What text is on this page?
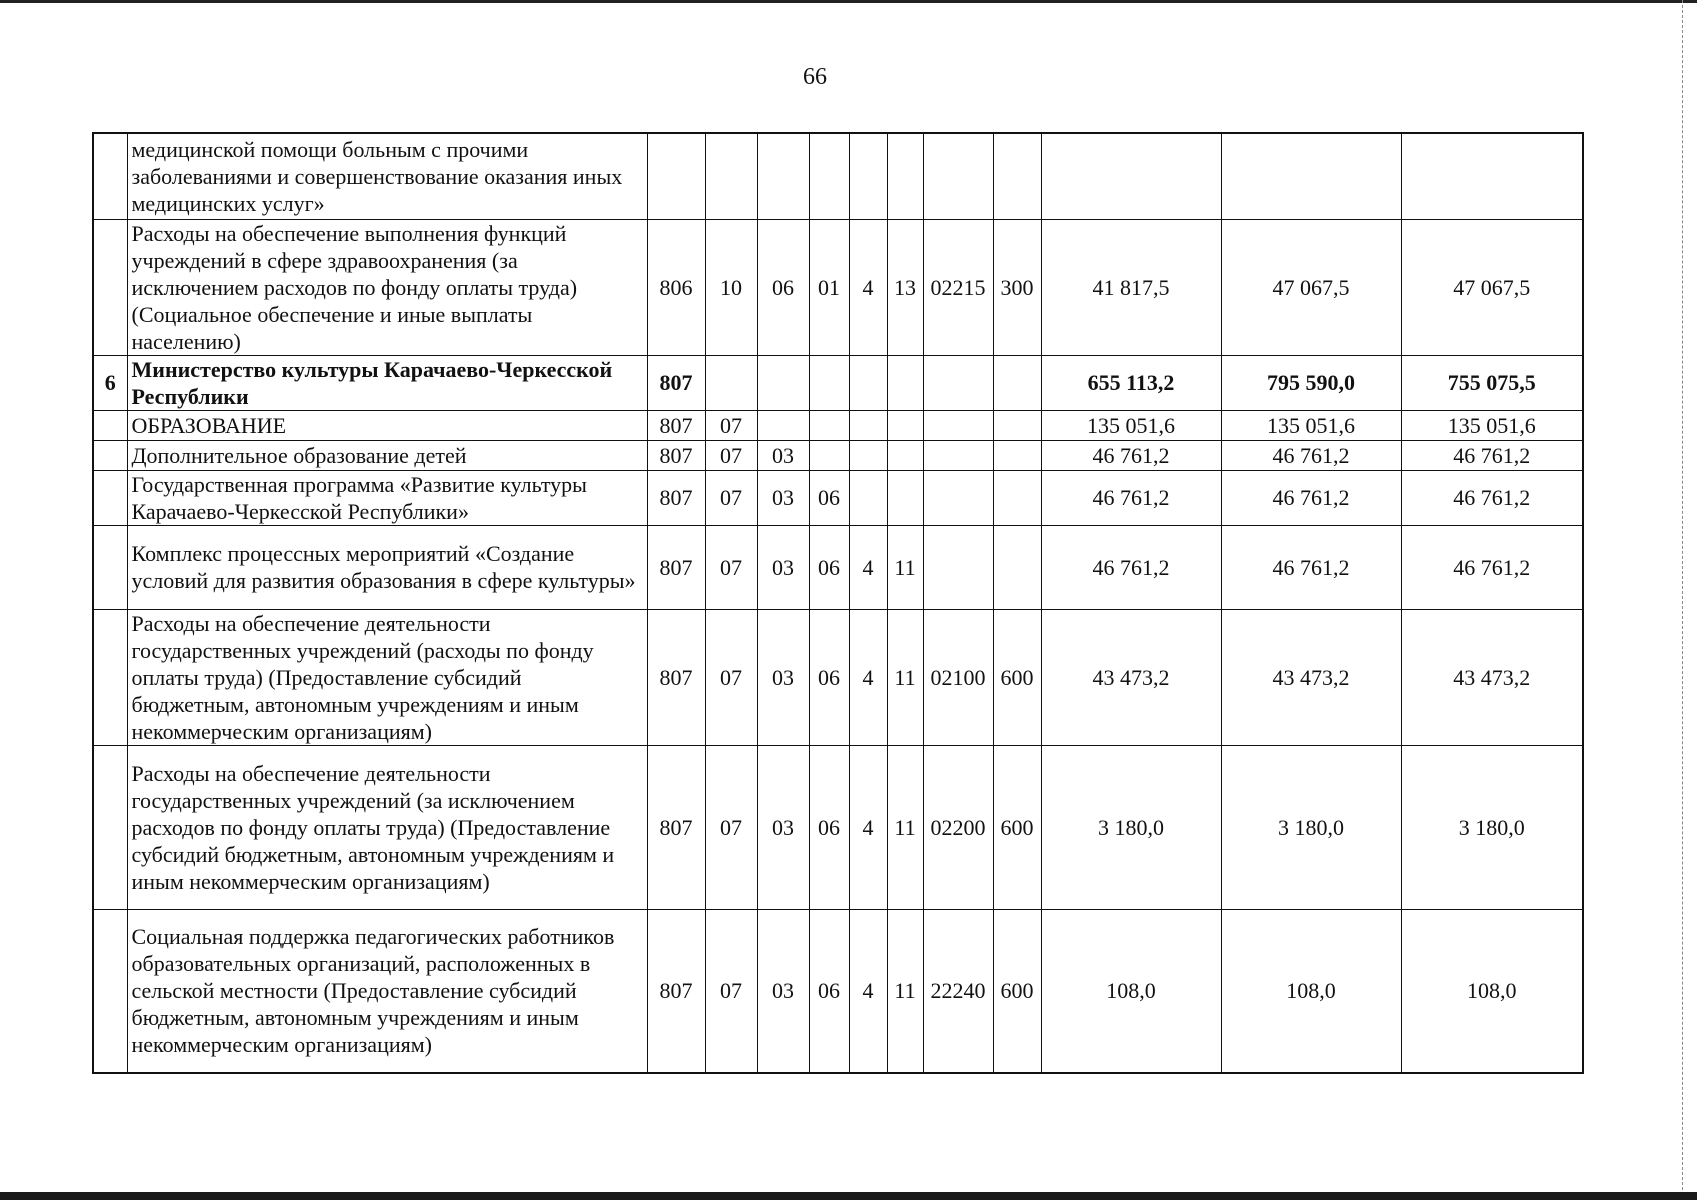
66
	медицинской помощи больным с прочими заболеваниями и совершенствование оказания иных медицинских услуг»											
	Расходы на обеспечение выполнения функций учреждений в сфере здравоохранения (за исключением расходов по фонду оплаты труда) (Социальное обеспечение и иные выплаты населению)	806	10	06	01	4	13	02215	300	41 817,5	47 067,5	47 067,5
6	Министерство культуры Карачаево-Черкесской Республики	807								655 113,2	795 590,0	755 075,5
	ОБРАЗОВАНИЕ	807	07							135 051,6	135 051,6	135 051,6
	Дополнительное образование детей	807	07	03						46 761,2	46 761,2	46 761,2
	Государственная программа «Развитие культуры Карачаево-Черкесской Республики»	807	07	03	06					46 761,2	46 761,2	46 761,2
	Комплекс процессных мероприятий «Создание условий для развития образования в сфере культуры»	807	07	03	06	4	11			46 761,2	46 761,2	46 761,2
	Расходы на обеспечение деятельности государственных учреждений (расходы по фонду оплаты труда) (Предоставление субсидий бюджетным, автономным учреждениям и иным некоммерческим организациям)	807	07	03	06	4	11	02100	600	43 473,2	43 473,2	43 473,2
	Расходы на обеспечение деятельности государственных учреждений (за исключением расходов по фонду оплаты труда) (Предоставление субсидий бюджетным, автономным учреждениям и иным некоммерческим организациям)	807	07	03	06	4	11	02200	600	3 180,0	3 180,0	3 180,0
	Социальная поддержка педагогических работников образовательных организаций, расположенных в сельской местности (Предоставление субсидий бюджетным, автономным учреждениям и иным некоммерческим организациям)	807	07	03	06	4	11	22240	600	108,0	108,0	108,0
